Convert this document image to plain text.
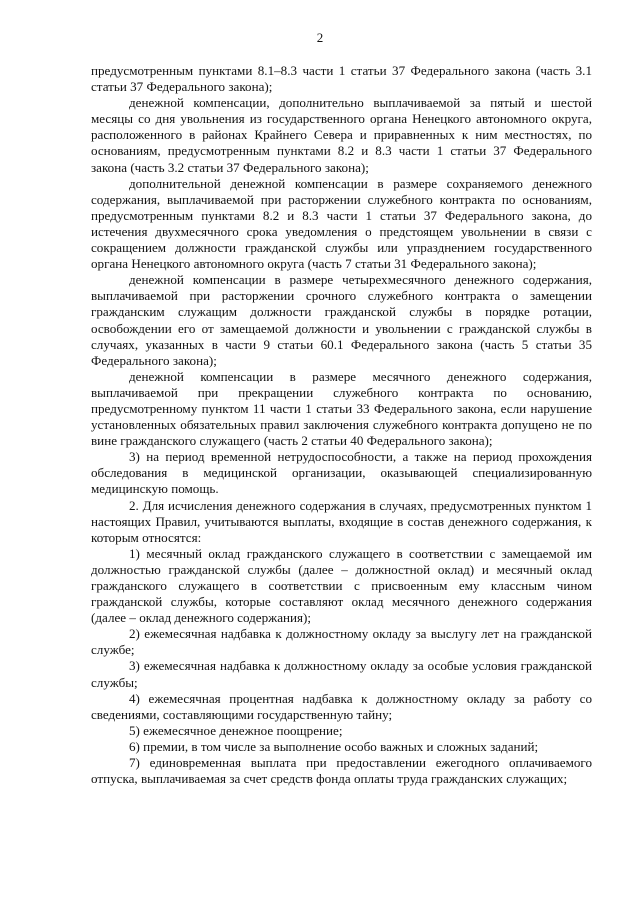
2

предусмотренным пунктами 8.1–8.3 части 1 статьи 37 Федерального закона (часть 3.1 статьи 37 Федерального закона);

денежной компенсации, дополнительно выплачиваемой за пятый и шестой месяцы со дня увольнения из государственного органа Ненецкого автономного округа, расположенного в районах Крайнего Севера и приравненных к ним местностях, по основаниям, предусмотренным пунктами 8.2 и 8.3 части 1 статьи 37 Федерального закона (часть 3.2 статьи 37 Федерального закона);

дополнительной денежной компенсации в размере сохраняемого денежного содержания, выплачиваемой при расторжении служебного контракта по основаниям, предусмотренным пунктами 8.2 и 8.3 части 1 статьи 37 Федерального закона, до истечения двухмесячного срока уведомления о предстоящем увольнении в связи с сокращением должности гражданской службы или упразднением государственного органа Ненецкого автономного округа (часть 7 статьи 31 Федерального закона);

денежной компенсации в размере четырехмесячного денежного содержания, выплачиваемой при расторжении срочного служебного контракта о замещении гражданским служащим должности гражданской службы в порядке ротации, освобождении его от замещаемой должности и увольнении с гражданской службы в случаях, указанных в части 9 статьи 60.1 Федерального закона (часть 5 статьи 35 Федерального закона);

денежной компенсации в размере месячного денежного содержания, выплачиваемой при прекращении служебного контракта по основанию, предусмотренному пунктом 11 части 1 статьи 33 Федерального закона, если нарушение установленных обязательных правил заключения служебного контракта допущено не по вине гражданского служащего (часть 2 статьи 40 Федерального закона);

3) на период временной нетрудоспособности, а также на период прохождения обследования в медицинской организации, оказывающей специализированную медицинскую помощь.

2. Для исчисления денежного содержания в случаях, предусмотренных пунктом 1 настоящих Правил, учитываются выплаты, входящие в состав денежного содержания, к которым относятся:

1) месячный оклад гражданского служащего в соответствии с замещаемой им должностью гражданской службы (далее – должностной оклад) и месячный оклад гражданского служащего в соответствии с присвоенным ему классным чином гражданской службы, которые составляют оклад месячного денежного содержания (далее – оклад денежного содержания);

2) ежемесячная надбавка к должностному окладу за выслугу лет на гражданской службе;

3) ежемесячная надбавка к должностному окладу за особые условия гражданской службы;

4) ежемесячная процентная надбавка к должностному окладу за работу со сведениями, составляющими государственную тайну;

5) ежемесячное денежное поощрение;

6) премии, в том числе за выполнение особо важных и сложных заданий;

7) единовременная выплата при предоставлении ежегодного оплачиваемого отпуска, выплачиваемая за счет средств фонда оплаты труда гражданских служащих;
